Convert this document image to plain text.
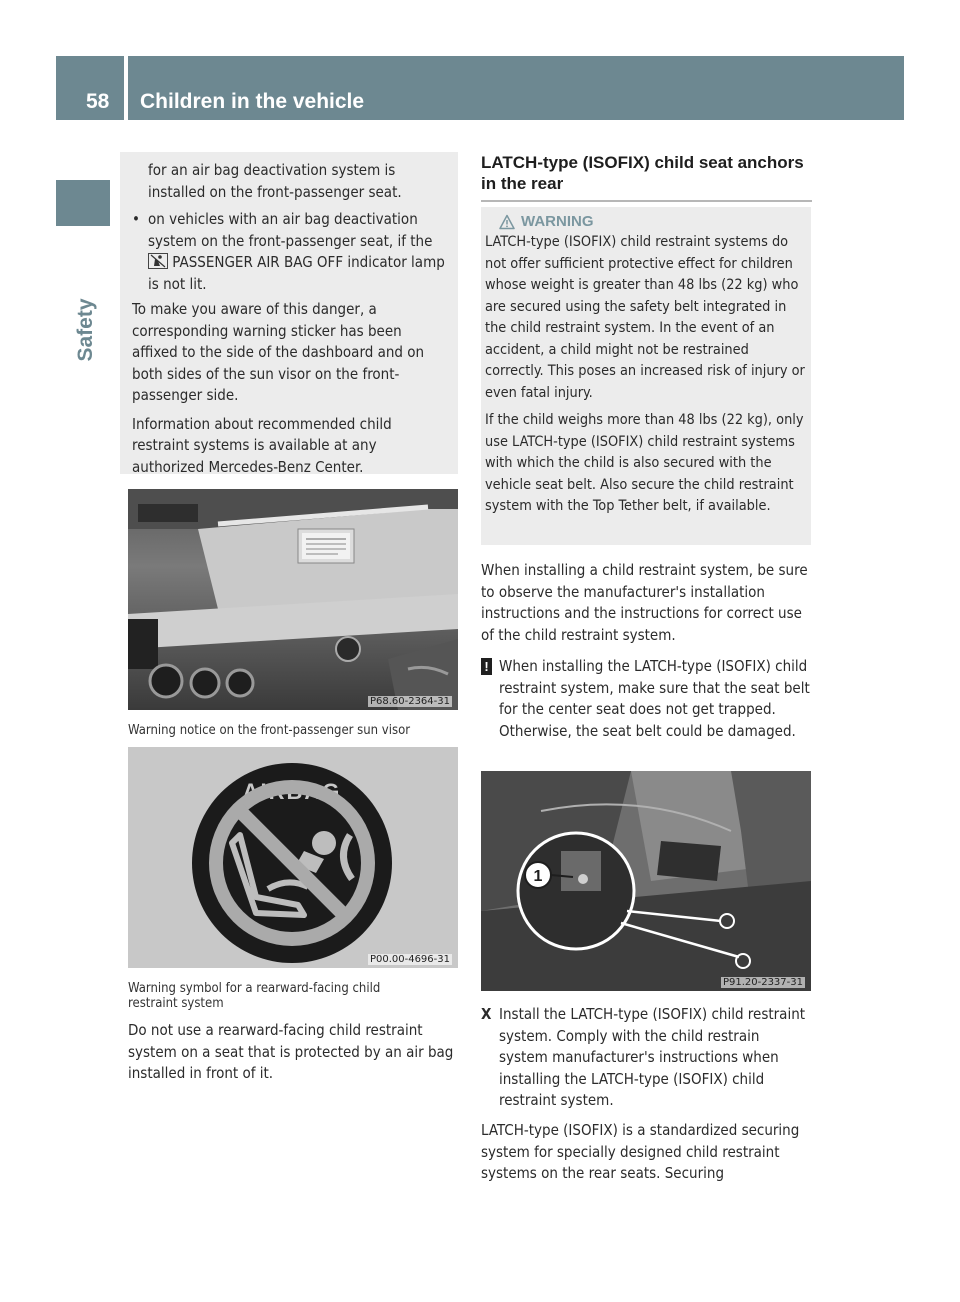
58 Children in the vehicle
Safety

for an air bag deactivation system is installed on the front-passenger seat.

• on vehicles with an air bag deactivation system on the front-passenger seat, if the
PASSENGER AIR BAG OFF indicator lamp is not lit.

To make you aware of this danger, a corresponding warning sticker has been affixed to the side of the dashboard and on both sides of the sun visor on the front-passenger side.

Information about recommended child restraint systems is available at any authorized Mercedes-Benz Center.

P68.60-2364-31
Warning notice on the front-passenger sun visor
AIRBAG
P00.00-4696-31
Warning symbol for a rearward-facing child restraint system

Do not use a rearward-facing child restraint system on a seat that is protected by an air bag installed in front of it.

LATCH-type (ISOFIX) child seat anchors in the rear
WARNING

LATCH-type (ISOFIX) child restraint systems do not offer sufficient protective effect for children whose weight is greater than 48 lbs (22 kg) who are secured using the safety belt integrated in the child restraint system. In the event of an accident, a child might not be restrained correctly. This poses an increased risk of injury or even fatal injury.

If the child weighs more than 48 lbs (22 kg), only use LATCH-type (ISOFIX) child restraint systems with which the child is also secured with the vehicle seat belt. Also secure the child restraint system with the Top Tether belt, if available.

When installing a child restraint system, be sure to observe the manufacturer's installation instructions and the instructions for correct use of the child restraint system.

! When installing the LATCH-type (ISOFIX) child restraint system, make sure that the seat belt for the center seat does not get trapped. Otherwise, the seat belt could be damaged.
1
P91.20-2337-31
X Install the LATCH-type (ISOFIX) child restraint system. Comply with the child restrain system manufacturer's instructions when installing the LATCH-type (ISOFIX) child restraint system.

LATCH-type (ISOFIX) is a standardized securing system for specially designed child restraint systems on the rear seats. Securing
